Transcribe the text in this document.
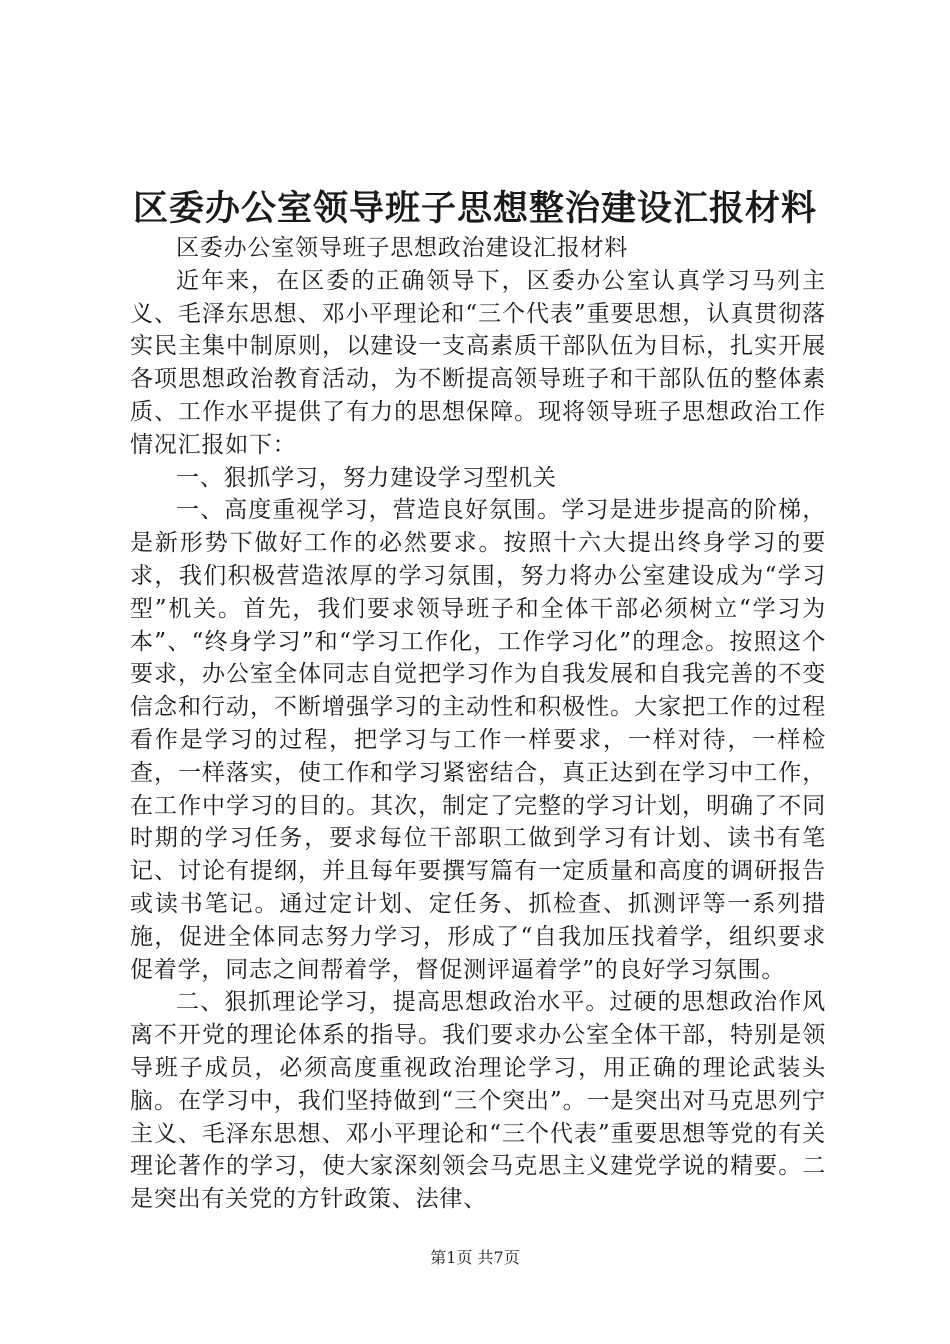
区委办公室领导班子思想整治建设汇报材料

区委办公室领导班子思想政治建设汇报材料

近年来，在区委的正确领导下，区委办公室认真学习马列主义、毛泽东思想、邓小平理论和“三个代表”重要思想，认真贯彻落实民主集中制原则，以建设一支高素质干部队伍为目标，扎实开展各项思想政治教育活动，为不断提高领导班子和干部队伍的整体素质、工作水平提供了有力的思想保障。现将领导班子思想政治工作情况汇报如下：

一、狠抓学习，努力建设学习型机关

一、高度重视学习，营造良好氛围。学习是进步提高的阶梯，是新形势下做好工作的必然要求。按照十六大提出终身学习的要求，我们积极营造浓厚的学习氛围，努力将办公室建设成为“学习型”机关。首先，我们要求领导班子和全体干部必须树立“学习为本”、“终身学习”和“学习工作化，工作学习化”的理念。按照这个要求，办公室全体同志自觉把学习作为自我发展和自我完善的不变信念和行动，不断增强学习的主动性和积极性。大家把工作的过程看作是学习的过程，把学习与工作一样要求，一样对待，一样检查，一样落实，使工作和学习紧密结合，真正达到在学习中工作，在工作中学习的目的。其次，制定了完整的学习计划，明确了不同时期的学习任务，要求每位干部职工做到学习有计划、读书有笔记、讨论有提纲，并且每年要撰写篇有一定质量和高度的调研报告或读书笔记。通过定计划、定任务、抓检查、抓测评等一系列措施，促进全体同志努力学习，形成了“自我加压找着学，组织要求促着学，同志之间帮着学，督促测评逼着学”的良好学习氛围。

二、狠抓理论学习，提高思想政治水平。过硬的思想政治作风离不开党的理论体系的指导。我们要求办公室全体干部，特别是领导班子成员，必须高度重视政治理论学习，用正确的理论武装头脑。在学习中，我们坚持做到“三个突出”。一是突出对马克思列宁主义、毛泽东思想、邓小平理论和“三个代表”重要思想等党的有关理论著作的学习，使大家深刻领会马克思主义建党学说的精要。二是突出有关党的方针政策、法律、

第1页 共7页
